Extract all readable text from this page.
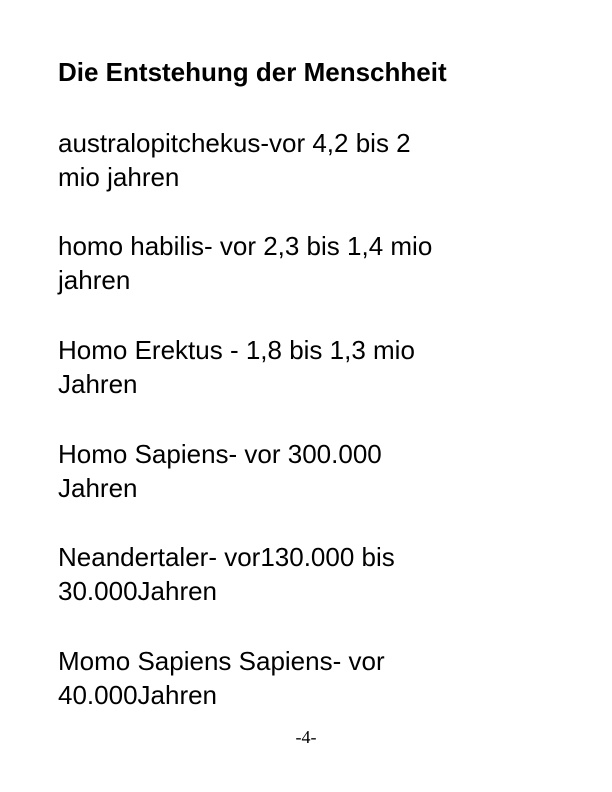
Die Entstehung der Menschheit

australopitchekus-vor 4,2 bis 2
mio jahren

homo habilis- vor 2,3 bis 1,4 mio
jahren

Homo Erektus - 1,8 bis 1,3 mio
Jahren

Homo Sapiens- vor 300.000
Jahren

Neandertaler- vor130.000 bis
30.000Jahren

Momo Sapiens Sapiens- vor
40.000Jahren

-4-
